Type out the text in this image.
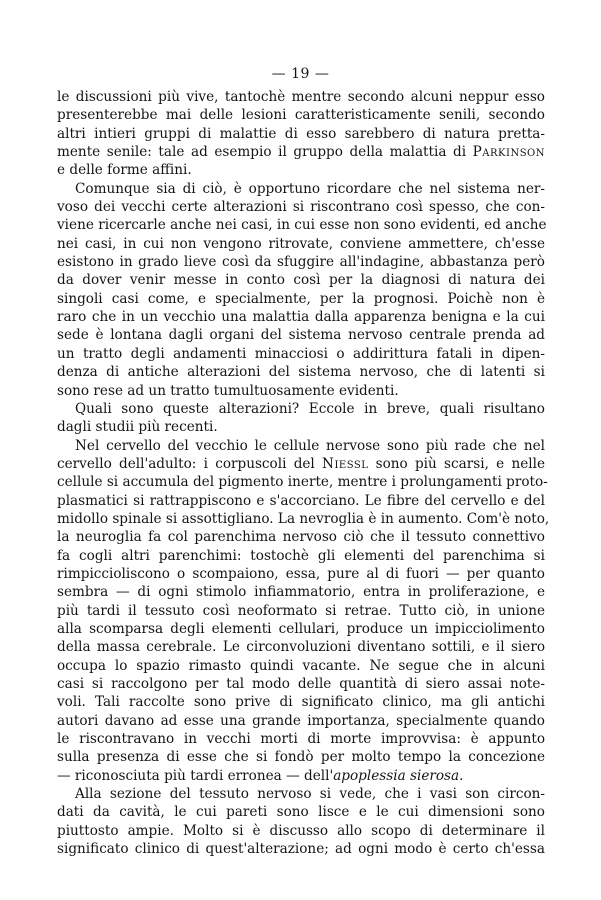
— 19 —
le discussioni più vive, tantochè mentre secondo alcuni neppur esso
presenterebbe mai delle lesioni caratteristicamente senili, secondo
altri intieri gruppi di malattie di esso sarebbero di natura pretta-
mente senile: tale ad esempio il gruppo della malattia di Parkinson
e delle forme affini.
Comunque sia di ciò, è opportuno ricordare che nel sistema ner-
voso dei vecchi certe alterazioni si riscontrano così spesso, che con-
viene ricercarle anche nei casi, in cui esse non sono evidenti, ed anche
nei casi, in cui non vengono ritrovate, conviene ammettere, ch'esse
esistono in grado lieve così da sfuggire all'indagine, abbastanza però
da dover venir messe in conto così per la diagnosi di natura dei
singoli casi come, e specialmente, per la prognosi. Poichè non è
raro che in un vecchio una malattia dalla apparenza benigna e la cui
sede è lontana dagli organi del sistema nervoso centrale prenda ad
un tratto degli andamenti minacciosi o addirittura fatali in dipen-
denza di antiche alterazioni del sistema nervoso, che di latenti si
sono rese ad un tratto tumultuosamente evidenti.
Quali sono queste alterazioni? Eccole in breve, quali risultano
dagli studii più recenti.
Nel cervello del vecchio le cellule nervose sono più rade che nel
cervello dell'adulto: i corpuscoli del Niessl sono più scarsi, e nelle
cellule si accumula del pigmento inerte, mentre i prolungamenti proto-
plasmatici si rattrappiscono e s'accorciano. Le fibre del cervello e del
midollo spinale si assottigliano. La nevroglia è in aumento. Com'è noto,
la neuroglia fa col parenchima nervoso ciò che il tessuto connettivo
fa cogli altri parenchimi: tostochè gli elementi del parenchima si
rimpiccioliscono o scompaiono, essa, pure al di fuori — per quanto
sembra — di ogni stimolo infiammatorio, entra in proliferazione, e
più tardi il tessuto così neoformato si retrae. Tutto ciò, in unione
alla scomparsa degli elementi cellulari, produce un impicciolimento
della massa cerebrale. Le circonvoluzioni diventano sottili, e il siero
occupa lo spazio rimasto quindi vacante. Ne segue che in alcuni
casi si raccolgono per tal modo delle quantità di siero assai note-
voli. Tali raccolte sono prive di significato clinico, ma gli antichi
autori davano ad esse una grande importanza, specialmente quando
le riscontravano in vecchi morti di morte improvvisa: è appunto
sulla presenza di esse che si fondò per molto tempo la concezione
— riconosciuta più tardi erronea — dell'apoplessia sierosa.
Alla sezione del tessuto nervoso si vede, che i vasi son circon-
dati da cavità, le cui pareti sono lisce e le cui dimensioni sono
piuttosto ampie. Molto si è discusso allo scopo di determinare il
significato clinico di quest'alterazione; ad ogni modo è certo ch'essa
